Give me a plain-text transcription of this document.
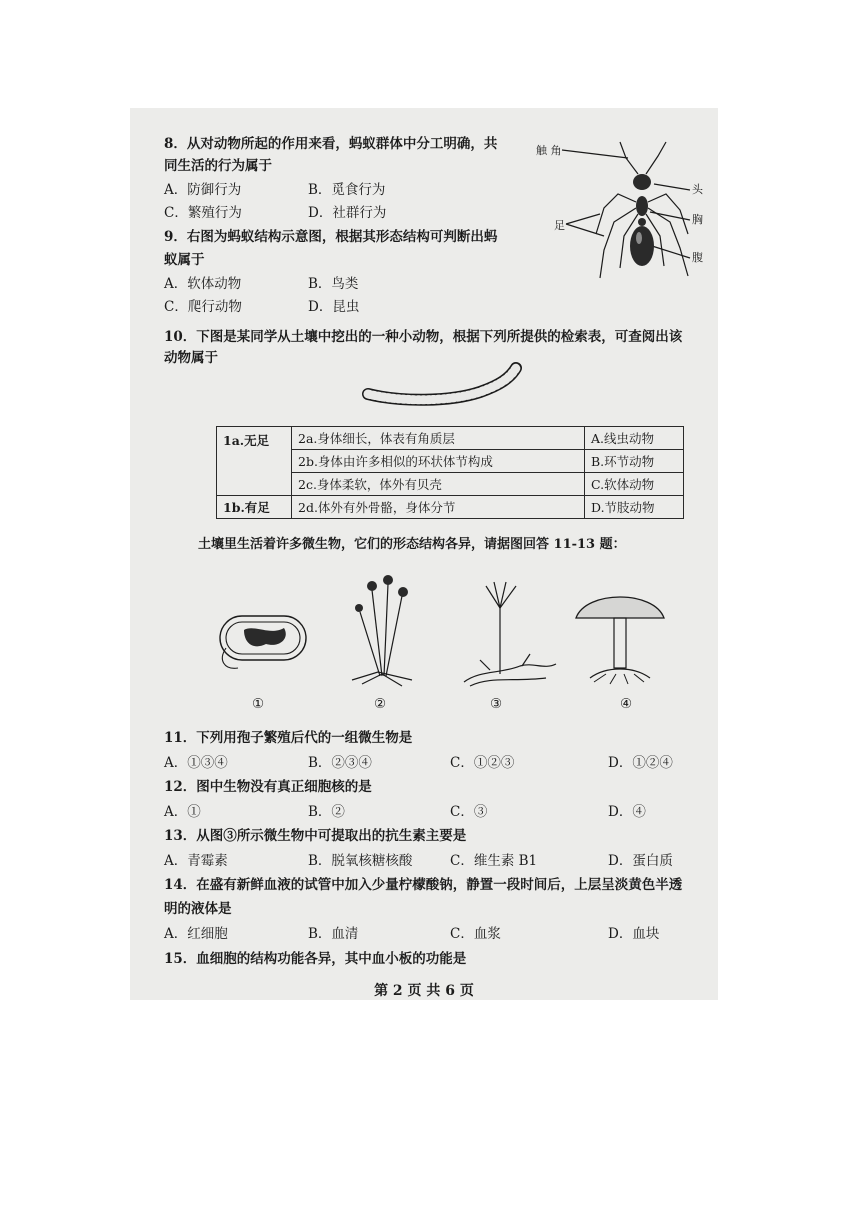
8．从对动物所起的作用来看，蚂蚁群体中分工明确，共
同生活的行为属于
A．防御行为	B．觅食行为
C．繁殖行为	D．社群行为
9．右图为蚂蚁结构示意图，根据其形态结构可判断出蚂
蚁属于
A．软体动物	B．鸟类
C．爬行动物	D．昆虫
触 角
头
胸
腹
足
10．下图是某同学从土壤中挖出的一种小动物，根据下列所提供的检索表，可查阅出该
动物属于
1a.无足	2a.身体细长，体表有角质层	A.线虫动物
	2b.身体由许多相似的环状体节构成	B.环节动物
	2c.身体柔软，体外有贝壳	C.软体动物
1b.有足	2d.体外有外骨骼，身体分节	D.节肢动物
土壤里生活着许多微生物，它们的形态结构各异，请据图回答 11-13 题：
①	②	③	④
11．下列用孢子繁殖后代的一组微生物是
A．①③④	B．②③④	C．①②③	D．①②④
12．图中生物没有真正细胞核的是
A．①	B．②	C．③	D．④
13．从图③所示微生物中可提取出的抗生素主要是
A．青霉素	B．脱氧核糖核酸	C．维生素 B1	D．蛋白质
14．在盛有新鲜血液的试管中加入少量柠檬酸钠，静置一段时间后，上层呈淡黄色半透
明的液体是
A．红细胞	B．血清	C．血浆	D．血块
15．血细胞的结构功能各异，其中血小板的功能是
第 2 页 共 6 页
